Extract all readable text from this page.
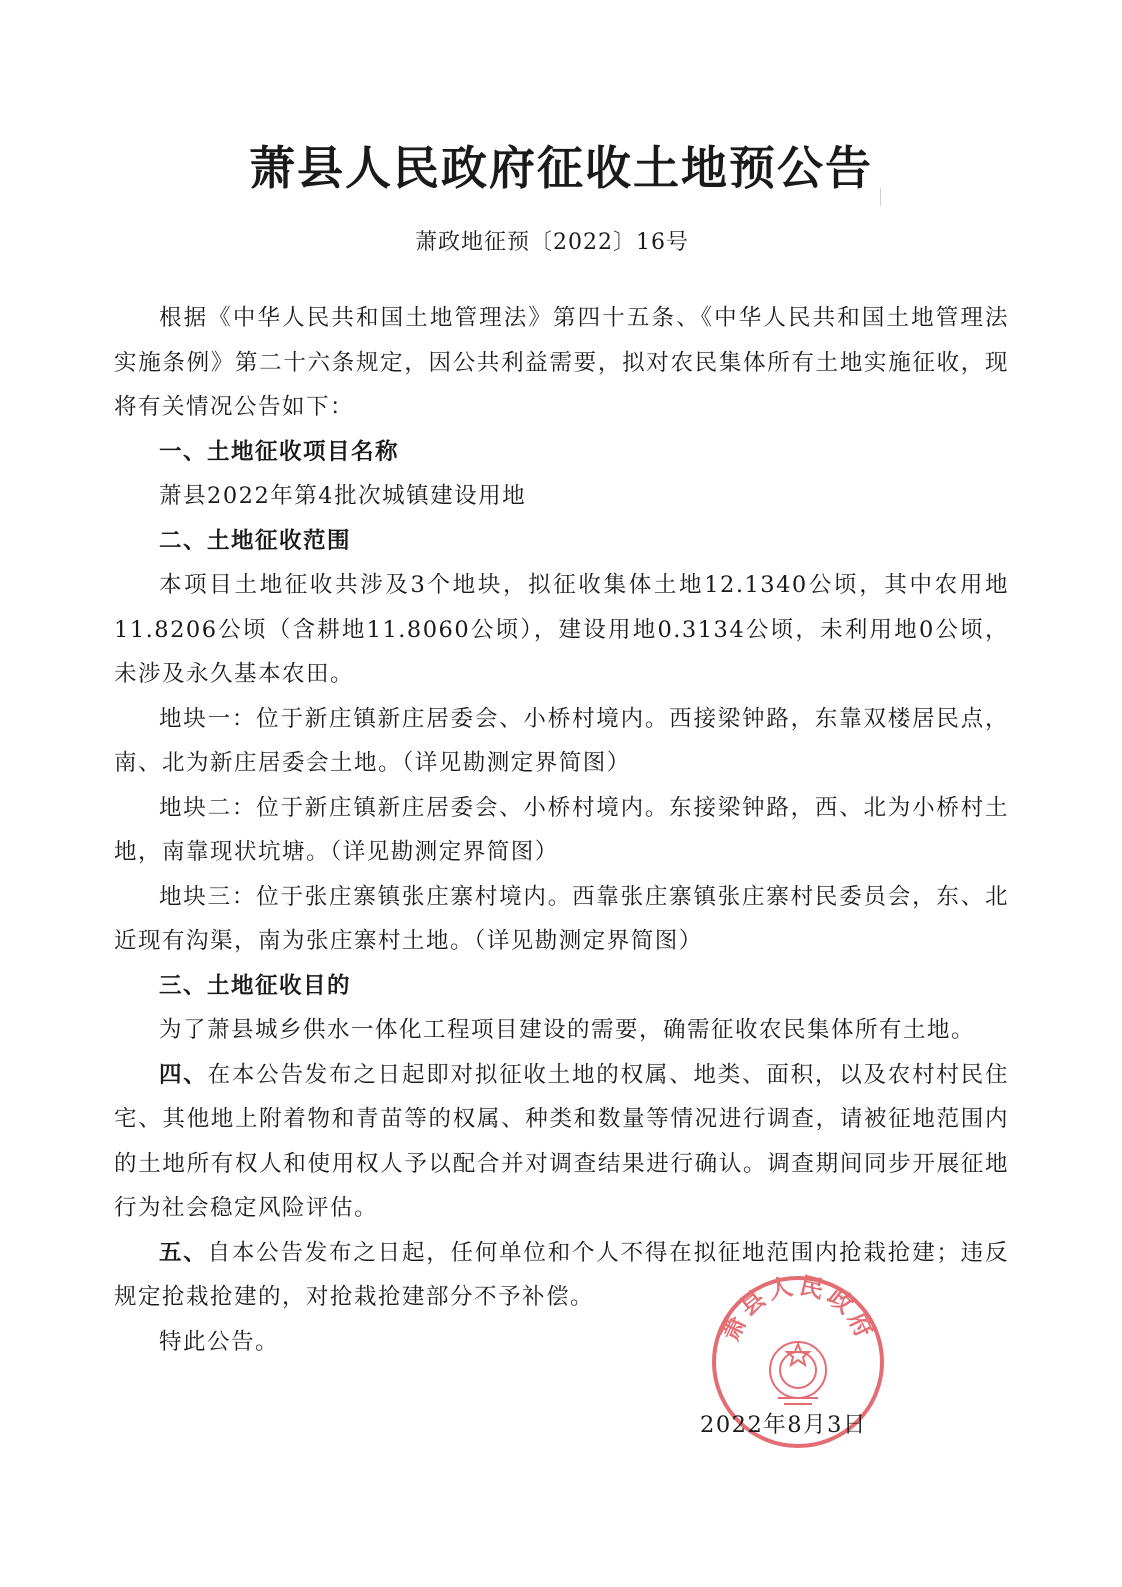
萧县人民政府征收土地预公告
萧政地征预〔2022〕16号

根据《中华人民共和国土地管理法》第四十五条、《中华人民共和国土地管理法实施条例》第二十六条规定，因公共利益需要，拟对农民集体所有土地实施征收，现将有关情况公告如下：

一、土地征收项目名称

萧县2022年第4批次城镇建设用地

二、土地征收范围

本项目土地征收共涉及3个地块，拟征收集体土地12.1340公顷，其中农用地11.8206公顷（含耕地11.8060公顷），建设用地0.3134公顷，未利用地0公顷，未涉及永久基本农田。

地块一：位于新庄镇新庄居委会、小桥村境内。西接梁钟路，东靠双楼居民点，南、北为新庄居委会土地。（详见勘测定界简图）

地块二：位于新庄镇新庄居委会、小桥村境内。东接梁钟路，西、北为小桥村土地，南靠现状坑塘。（详见勘测定界简图）

地块三：位于张庄寨镇张庄寨村境内。西靠张庄寨镇张庄寨村民委员会，东、北近现有沟渠，南为张庄寨村土地。（详见勘测定界简图）

三、土地征收目的

为了萧县城乡供水一体化工程项目建设的需要，确需征收农民集体所有土地。

四、在本公告发布之日起即对拟征收土地的权属、地类、面积，以及农村村民住宅、其他地上附着物和青苗等的权属、种类和数量等情况进行调查，请被征地范围内的土地所有权人和使用权人予以配合并对调查结果进行确认。调查期间同步开展征地行为社会稳定风险评估。

五、自本公告发布之日起，任何单位和个人不得在拟征地范围内抢栽抢建；违反规定抢栽抢建的，对抢栽抢建部分不予补偿。

特此公告。	萧县人民政府
2022年8月3日
